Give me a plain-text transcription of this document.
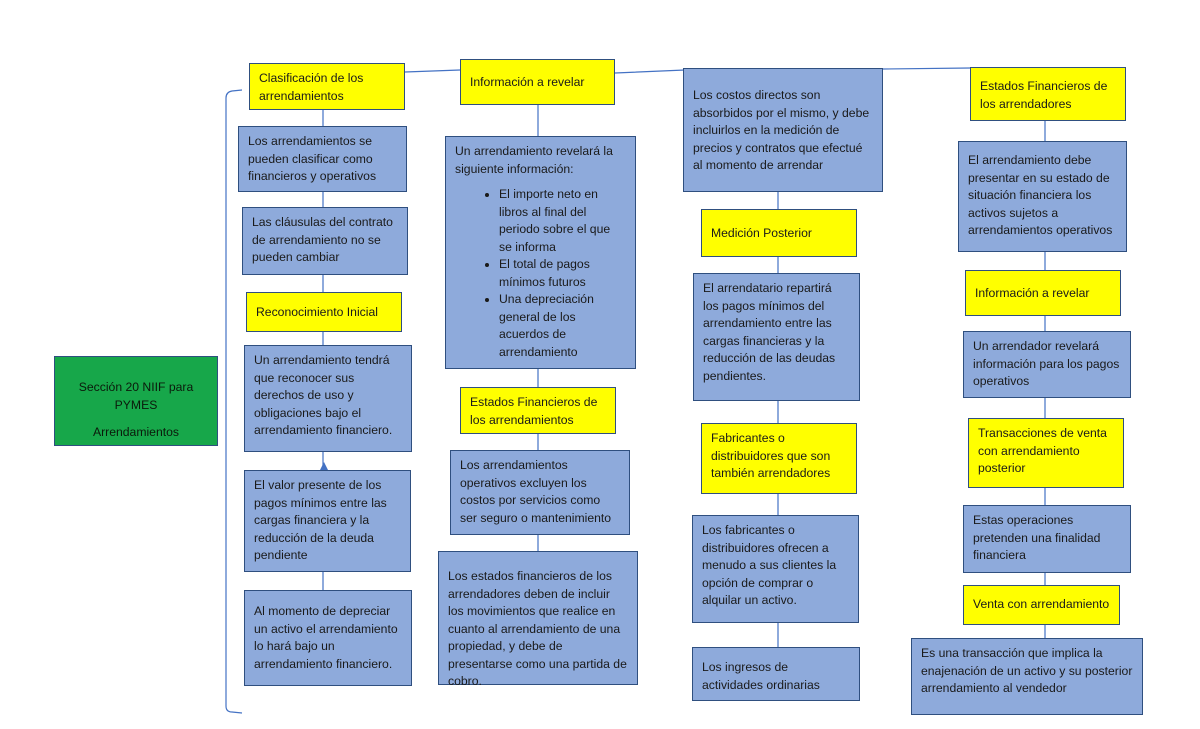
Sección 20 NIIF para PYMES
Arrendamientos
Clasificación de los arrendamientos
Los arrendamientos se pueden clasificar como financieros y operativos
Las cláusulas del contrato de arrendamiento no se pueden cambiar
Reconocimiento Inicial
Un arrendamiento tendrá que reconocer sus derechos de uso y obligaciones bajo el arrendamiento financiero.
El valor presente de los pagos mínimos entre las cargas financiera y la reducción de la deuda pendiente
Al momento de depreciar un activo el arrendamiento lo hará bajo un arrendamiento financiero.
Información a revelar
Un arrendamiento revelará la siguiente información:
• El importe neto en libros al final del periodo sobre el que se informa
• El total de pagos mínimos futuros
• Una depreciación general de los acuerdos de arrendamiento
Estados Financieros de los arrendamientos
Los arrendamientos operativos excluyen los costos por servicios como ser seguro o mantenimiento
Los estados financieros de los arrendadores deben de incluir los movimientos que realice en cuanto al arrendamiento de una propiedad, y debe de presentarse como una partida de cobro.
Los costos directos son absorbidos por el mismo, y debe incluirlos en la medición de precios y contratos que efectué al momento de arrendar
Medición Posterior
El arrendatario repartirá los pagos mínimos del arrendamiento entre las cargas financieras y la reducción de las deudas pendientes.
Fabricantes o distribuidores que son también arrendadores
Los fabricantes o distribuidores ofrecen a menudo a sus clientes la opción de comprar o alquilar un activo.
Los ingresos de actividades ordinarias
Estados Financieros de los arrendadores
El arrendamiento debe presentar en su estado de situación financiera los activos sujetos a arrendamientos operativos
Información a revelar
Un arrendador revelará información para los pagos operativos
Transacciones de venta con arrendamiento posterior
Estas operaciones pretenden una finalidad financiera
Venta con arrendamiento
Es una transacción que implica la enajenación de un activo y su posterior arrendamiento al vendedor
